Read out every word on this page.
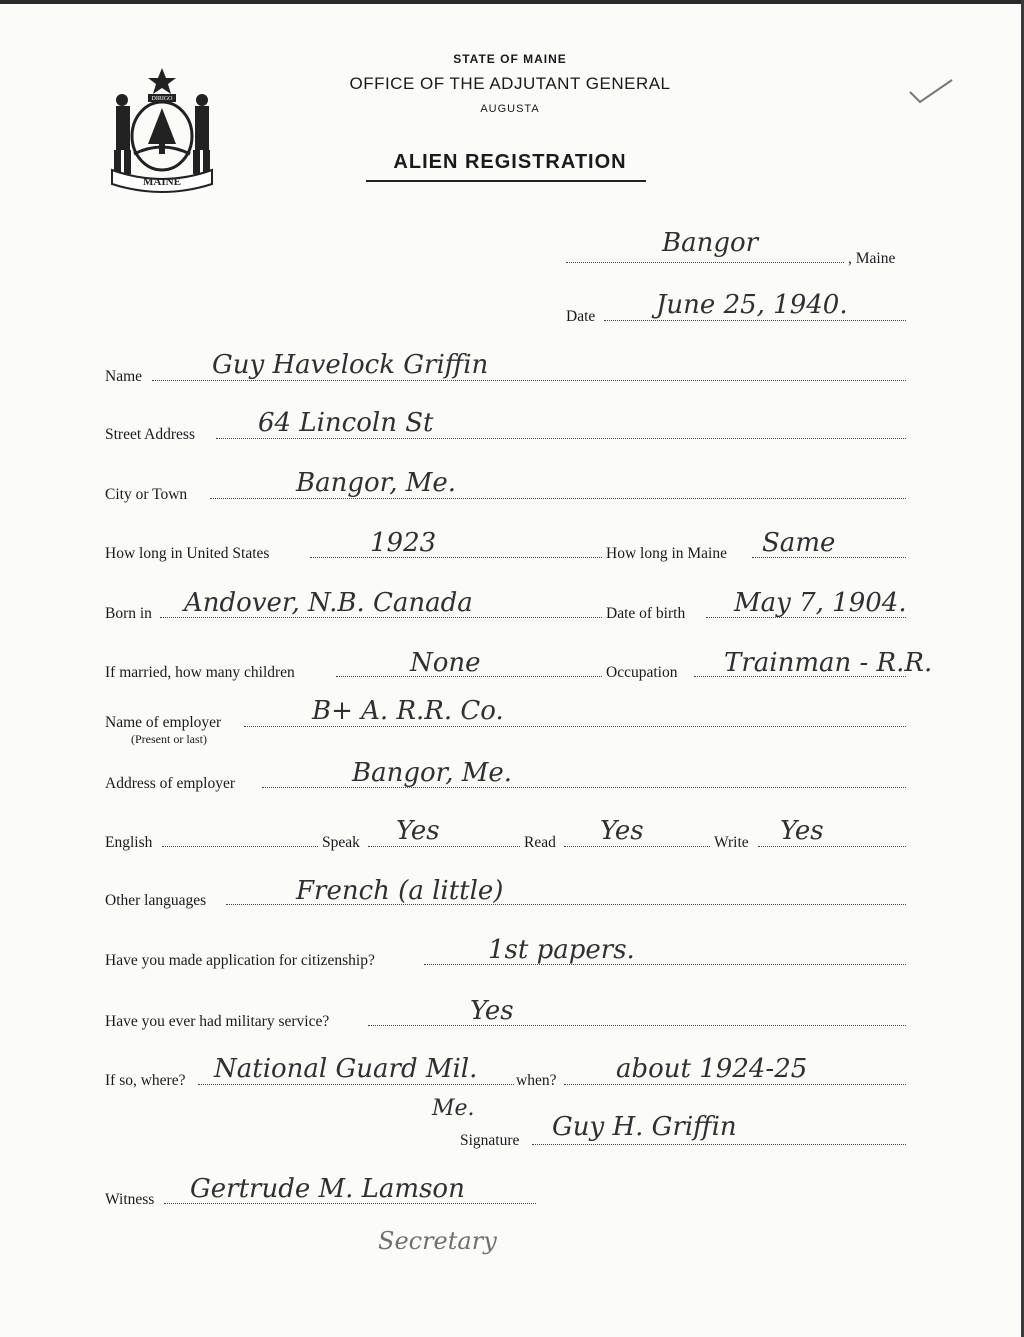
MAINE
DIRIGO
STATE OF MAINE
OFFICE OF THE ADJUTANT GENERAL
AUGUSTA
ALIEN REGISTRATION
Bangor
, Maine
Date June 25, 1940.
Name	Guy Havelock Griffin
Street Address 64 Lincoln St
City or Town	Bangor, Me.
How long in United States	1923	How long in Maine Same
Born in Andover, N.B. Canada	Date of birth May 7, 1904.
If married, how many children	None	Occupation Trainman - R.R.
Name of employer
(Present or last)
B+ A. R.R. Co.
Address of employer	Bangor, Me.
English	Speak Yes	Read Yes	Write Yes
Other languages	French (a little)
Have you made application for citizenship?	1st papers.
Have you ever had military service?	Yes
If so, where? National Guard Mil.
Me.
when? about 1924-25
Signature Guy H. Griffin
Witness Gertrude M. Lamson
Secretary
